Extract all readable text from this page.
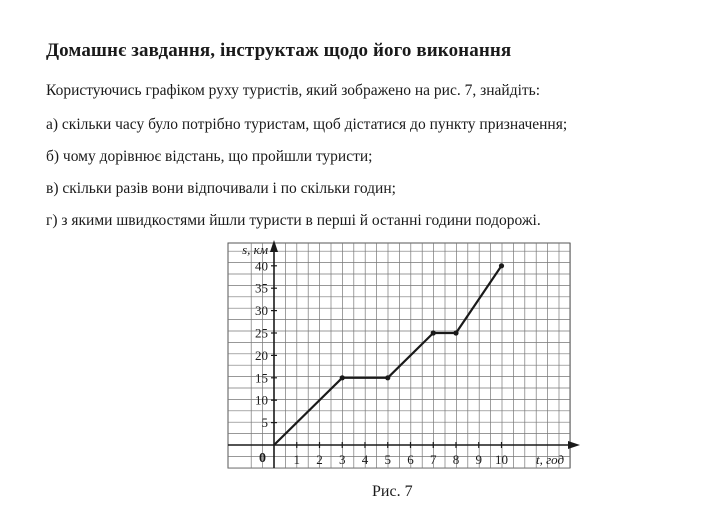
Домашнє завдання, інструктаж щодо його виконання
Користуючись графіком руху туристів, який зображено на рис. 7, знайдіть:
а) скільки часу було потрібно туристам, щоб дістатися до пункту призначення;
б) чому дорівнює відстань, що пройшли туристи;
в) скільки разів вони відпочивали і по скільки годин;
г) з якими швидкостями йшли туристи в перші й останні години подорожі.
1 2 3 4 5 6 7 8 9 10
5
10
15
20
25
30
35
40
0
s, км
t, год
Рис. 7
